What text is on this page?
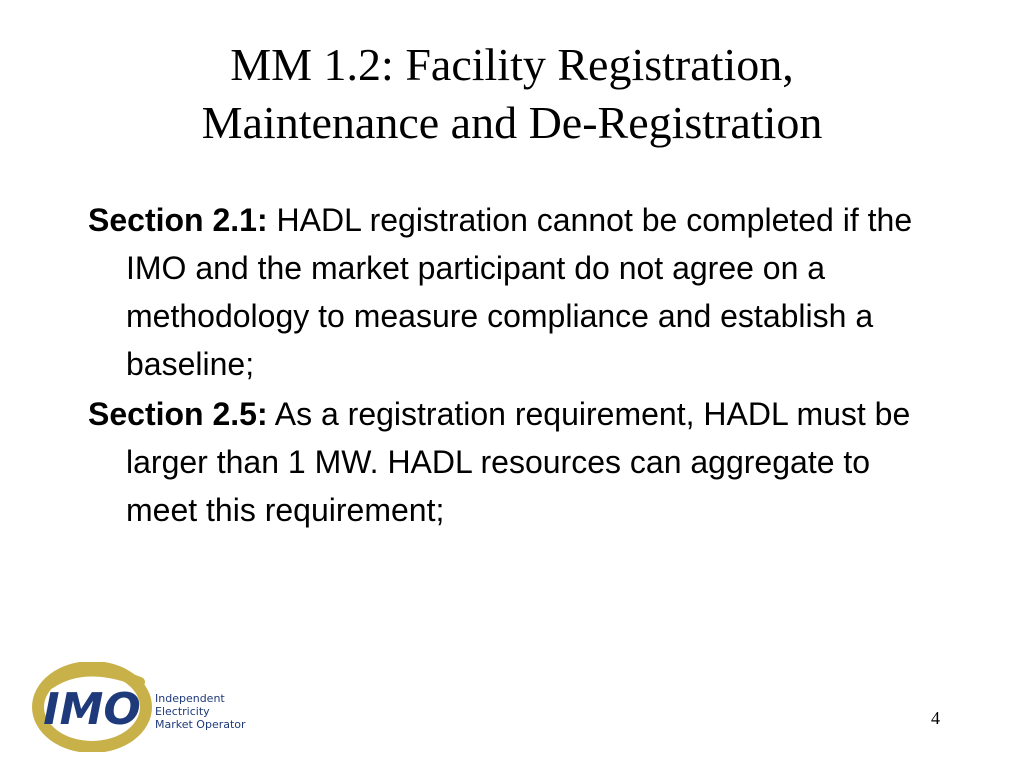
MM 1.2: Facility Registration,
Maintenance and De-Registration

Section 2.1: HADL registration cannot be completed if the IMO and the market participant do not agree on a methodology to measure compliance and establish a baseline;

Section 2.5: As a registration requirement, HADL must be larger than 1 MW. HADL resources can aggregate to meet this requirement;

IMO Independent
Electricity
Market Operator	4
